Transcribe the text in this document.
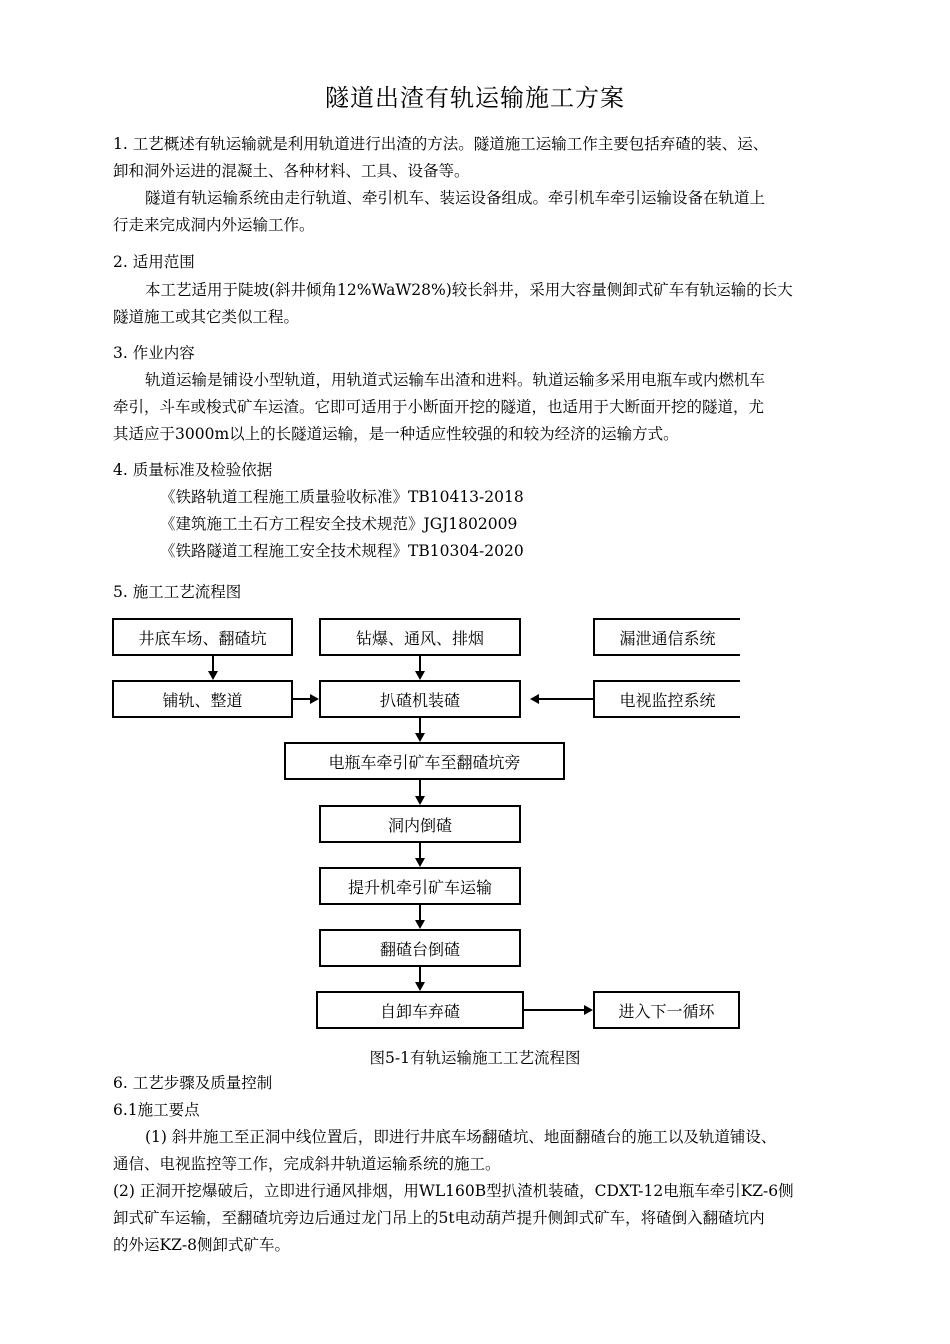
隧道出渣有轨运输施工方案
1. 工艺概述有轨运输就是利用轨道进行出渣的方法。隧道施工运输工作主要包括弃碴的装、运、
卸和洞外运进的混凝土、各种材料、工具、设备等。
隧道有轨运输系统由走行轨道、牵引机车、装运设备组成。牵引机车牵引运输设备在轨道上
行走来完成洞内外运输工作。
2. 适用范围
本工艺适用于陡坡(斜井倾角12%WaW28%)较长斜井，采用大容量侧卸式矿车有轨运输的长大
隧道施工或其它类似工程。
3. 作业内容
轨道运输是铺设小型轨道，用轨道式运输车出渣和进料。轨道运输多采用电瓶车或内燃机车
牵引，斗车或梭式矿车运渣。它即可适用于小断面开挖的隧道，也适用于大断面开挖的隧道，尤
其适应于3000m以上的长隧道运输，是一种适应性较强的和较为经济的运输方式。
4. 质量标准及检验依据
《铁路轨道工程施工质量验收标准》TB10413-2018
《建筑施工土石方工程安全技术规范》JGJ1802009
《铁路隧道工程施工安全技术规程》TB10304-2020
5. 施工工艺流程图
井底车场、翻碴坑	钻爆、通风、排烟	漏泄通信系统
铺轨、整道	扒碴机装碴	电视监控系统
电瓶车牵引矿车至翻碴坑旁
洞内倒碴
提升机牵引矿车运输
翻碴台倒碴
自卸车弃碴	进入下一循环
图5-1有轨运输施工工艺流程图
6. 工艺步骤及质量控制
6.1施工要点
(1) 斜井施工至正洞中线位置后，即进行井底车场翻碴坑、地面翻碴台的施工以及轨道铺设、
通信、电视监控等工作，完成斜井轨道运输系统的施工。
(2) 正洞开挖爆破后，立即进行通风排烟，用WL160B型扒渣机装碴，CDXT-12电瓶车牵引KZ-6侧
卸式矿车运输，至翻碴坑旁边后通过龙门吊上的5t电动葫芦提升侧卸式矿车，将碴倒入翻碴坑内
的外运KZ-8侧卸式矿车。
